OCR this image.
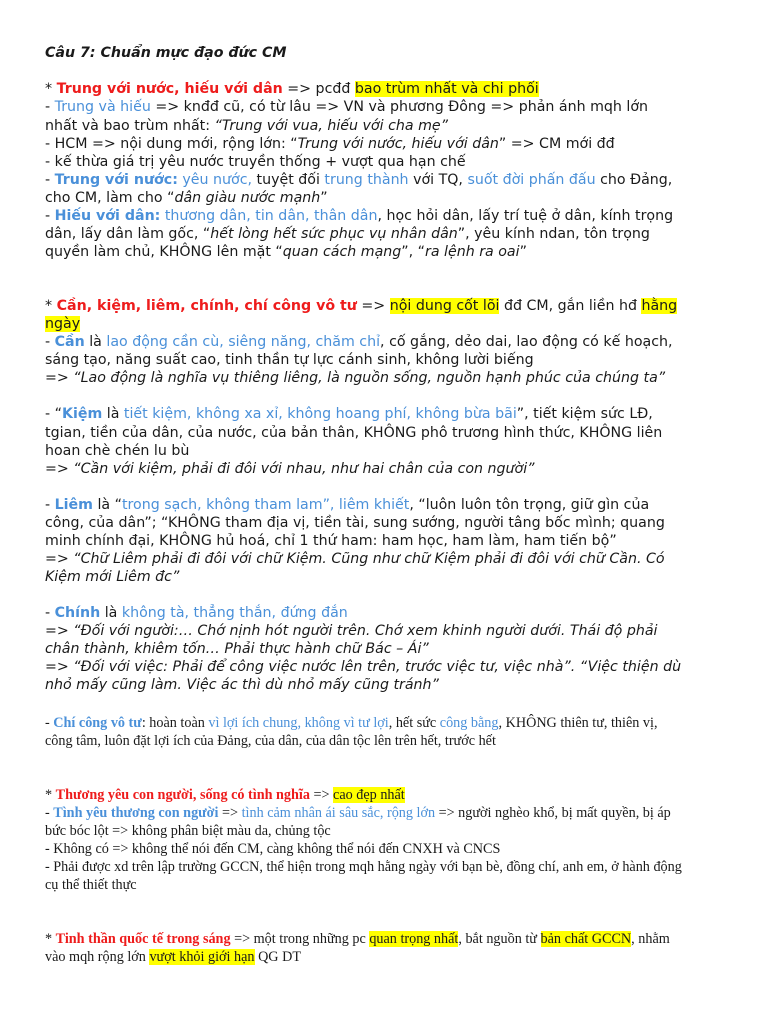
Câu 7: Chuẩn mực đạo đức CM
* Trung với nước, hiếu với dân => pcđđ bao trùm nhất và chi phối
- Trung và hiếu => knđđ cũ, có từ lâu => VN và phương Đông => phản ánh mqh lớn
nhất và bao trùm nhất: “Trung với vua, hiếu với cha mẹ”
- HCM => nội dung mới, rộng lớn: “Trung với nước, hiếu với dân” => CM mới đđ
- kế thừa giá trị yêu nước truyền thống + vượt qua hạn chế
- Trung với nước: yêu nước, tuyệt đối trung thành với TQ, suốt đời phấn đấu cho Đảng,
cho CM, làm cho “dân giàu nước mạnh”
- Hiếu với dân: thương dân, tin dân, thân dân, học hỏi dân, lấy trí tuệ ở dân, kính trọng
dân, lấy dân làm gốc, “hết lòng hết sức phục vụ nhân dân”, yêu kính ndan, tôn trọng
quyền làm chủ, KHÔNG lên mặt “quan cách mạng”, “ra lệnh ra oai”
* Cần, kiệm, liêm, chính, chí công vô tư => nội dung cốt lõi đđ CM, gắn liền hđ hằng
ngày
- Cần là lao động cần cù, siêng năng, chăm chỉ, cố gắng, dẻo dai, lao động có kế hoạch,
sáng tạo, năng suất cao, tinh thần tự lực cánh sinh, không lười biếng
=> “Lao động là nghĩa vụ thiêng liêng, là nguồn sống, nguồn hạnh phúc của chúng ta”
- “Kiệm là tiết kiệm, không xa xỉ, không hoang phí, không bừa bãi”, tiết kiệm sức LĐ,
tgian, tiền của dân, của nước, của bản thân, KHÔNG phô trương hình thức, KHÔNG liên
hoan chè chén lu bù
=> “Cần với kiệm, phải đi đôi với nhau, như hai chân của con người”
- Liêm là “trong sạch, không tham lam”, liêm khiết, “luôn luôn tôn trọng, giữ gìn của
công, của dân”; “KHÔNG tham địa vị, tiền tài, sung sướng, người tâng bốc mình; quang
minh chính đại, KHÔNG hủ hoá, chỉ 1 thứ ham: ham học, ham làm, ham tiến bộ”
=> “Chữ Liêm phải đi đôi với chữ Kiệm. Cũng như chữ Kiệm phải đi đôi với chữ Cần. Có
Kiệm mới Liêm đc”
- Chính là không tà, thẳng thắn, đứng đắn
=> “Đối với người:… Chớ nịnh hót người trên. Chớ xem khinh người dưới. Thái độ phải
chân thành, khiêm tốn… Phải thực hành chữ Bác – Ái”
=> “Đối với việc: Phải để công việc nước lên trên, trước việc tư, việc nhà”. “Việc thiện dù
nhỏ mấy cũng làm. Việc ác thì dù nhỏ mấy cũng tránh”
- Chí công vô tư: hoàn toàn vì lợi ích chung, không vì tư lợi, hết sức công bằng, KHÔNG thiên tư, thiên vị,
công tâm, luôn đặt lợi ích của Đảng, của dân, của dân tộc lên trên hết, trước hết
* Thương yêu con người, sống có tình nghĩa => cao đẹp nhất
- Tình yêu thương con người => tình cảm nhân ái sâu sắc, rộng lớn => người nghèo khổ, bị mất quyền, bị áp
bức bóc lột => không phân biệt màu da, chủng tộc
- Không có => không thể nói đến CM, càng không thể nói đến CNXH và CNCS
- Phải được xd trên lập trường GCCN, thể hiện trong mqh hằng ngày với bạn bè, đồng chí, anh em, ở hành động
cụ thể thiết thực
* Tinh thần quốc tế trong sáng => một trong những pc quan trọng nhất, bắt nguồn từ bản chất GCCN, nhằm
vào mqh rộng lớn vượt khỏi giới hạn QG DT
